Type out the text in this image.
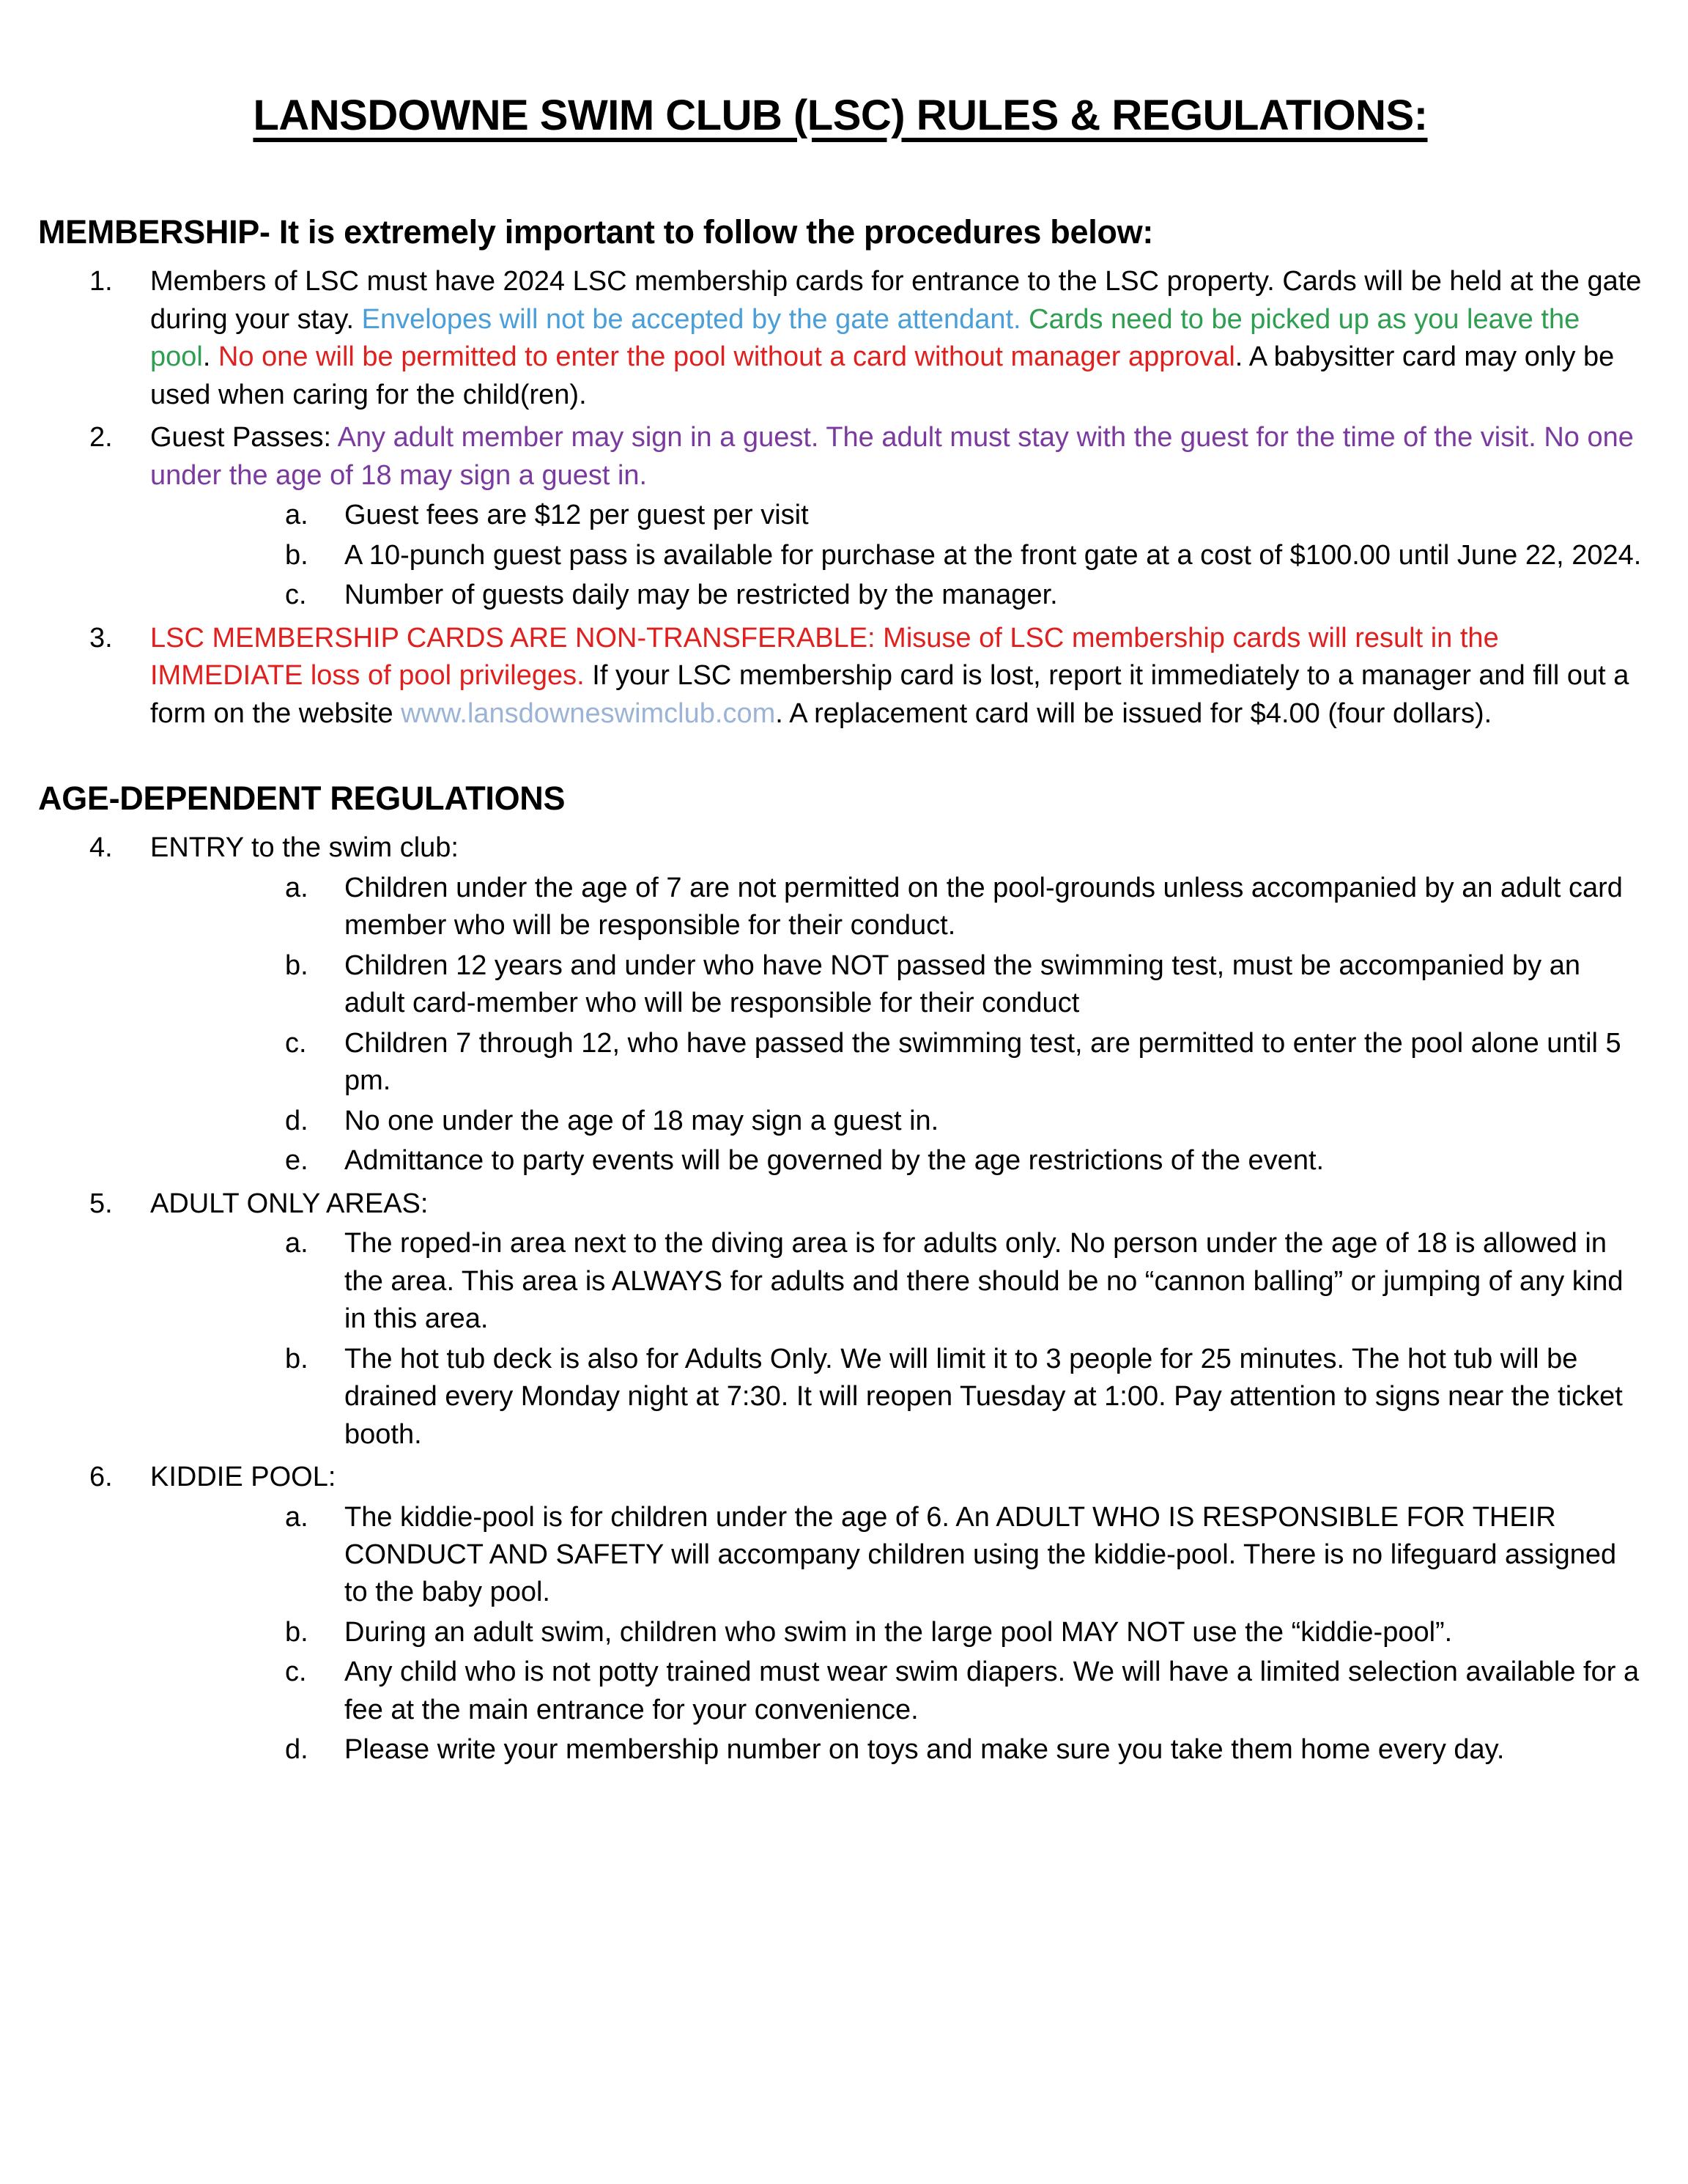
LANSDOWNE SWIM CLUB (LSC) RULES & REGULATIONS:
MEMBERSHIP- It is extremely important to follow the procedures below:
1.	Members of LSC must have 2024 LSC membership cards for entrance to the LSC property. Cards will be held at the gate during your stay. Envelopes will not be accepted by the gate attendant. Cards need to be picked up as you leave the pool. No one will be permitted to enter the pool without a card without manager approval. A babysitter card may only be used when caring for the child(ren).
2.	Guest Passes: Any adult member may sign in a guest. The adult must stay with the guest for the time of the visit. No one under the age of 18 may sign a guest in.
a.	Guest fees are $12 per guest per visit
b.	A 10-punch guest pass is available for purchase at the front gate at a cost of $100.00 until June 22, 2024.
c.	Number of guests daily may be restricted by the manager.
3.	LSC MEMBERSHIP CARDS ARE NON-TRANSFERABLE: Misuse of LSC membership cards will result in the IMMEDIATE loss of pool privileges. If your LSC membership card is lost, report it immediately to a manager and fill out a form on the website www.lansdowneswimclub.com. A replacement card will be issued for $4.00 (four dollars).
AGE-DEPENDENT REGULATIONS
4.	ENTRY to the swim club:
a.	Children under the age of 7 are not permitted on the pool-grounds unless accompanied by an adult card member who will be responsible for their conduct.
b.	Children 12 years and under who have NOT passed the swimming test, must be accompanied by an adult card-member who will be responsible for their conduct
c.	Children 7 through 12, who have passed the swimming test, are permitted to enter the pool alone until 5 pm.
d.	No one under the age of 18 may sign a guest in.
e.	Admittance to party events will be governed by the age restrictions of the event.
5.	ADULT ONLY AREAS:
a.	The roped-in area next to the diving area is for adults only. No person under the age of 18 is allowed in the area. This area is ALWAYS for adults and there should be no “cannon balling” or jumping of any kind in this area.
b.	The hot tub deck is also for Adults Only. We will limit it to 3 people for 25 minutes. The hot tub will be drained every Monday night at 7:30. It will reopen Tuesday at 1:00. Pay attention to signs near the ticket booth.
6.	KIDDIE POOL:
a.	The kiddie-pool is for children under the age of 6. An ADULT WHO IS RESPONSIBLE FOR THEIR CONDUCT AND SAFETY will accompany children using the kiddie-pool. There is no lifeguard assigned to the baby pool.
b.	During an adult swim, children who swim in the large pool MAY NOT use the “kiddie-pool”.
c.	Any child who is not potty trained must wear swim diapers. We will have a limited selection available for a fee at the main entrance for your convenience.
d.	Please write your membership number on toys and make sure you take them home every day.
